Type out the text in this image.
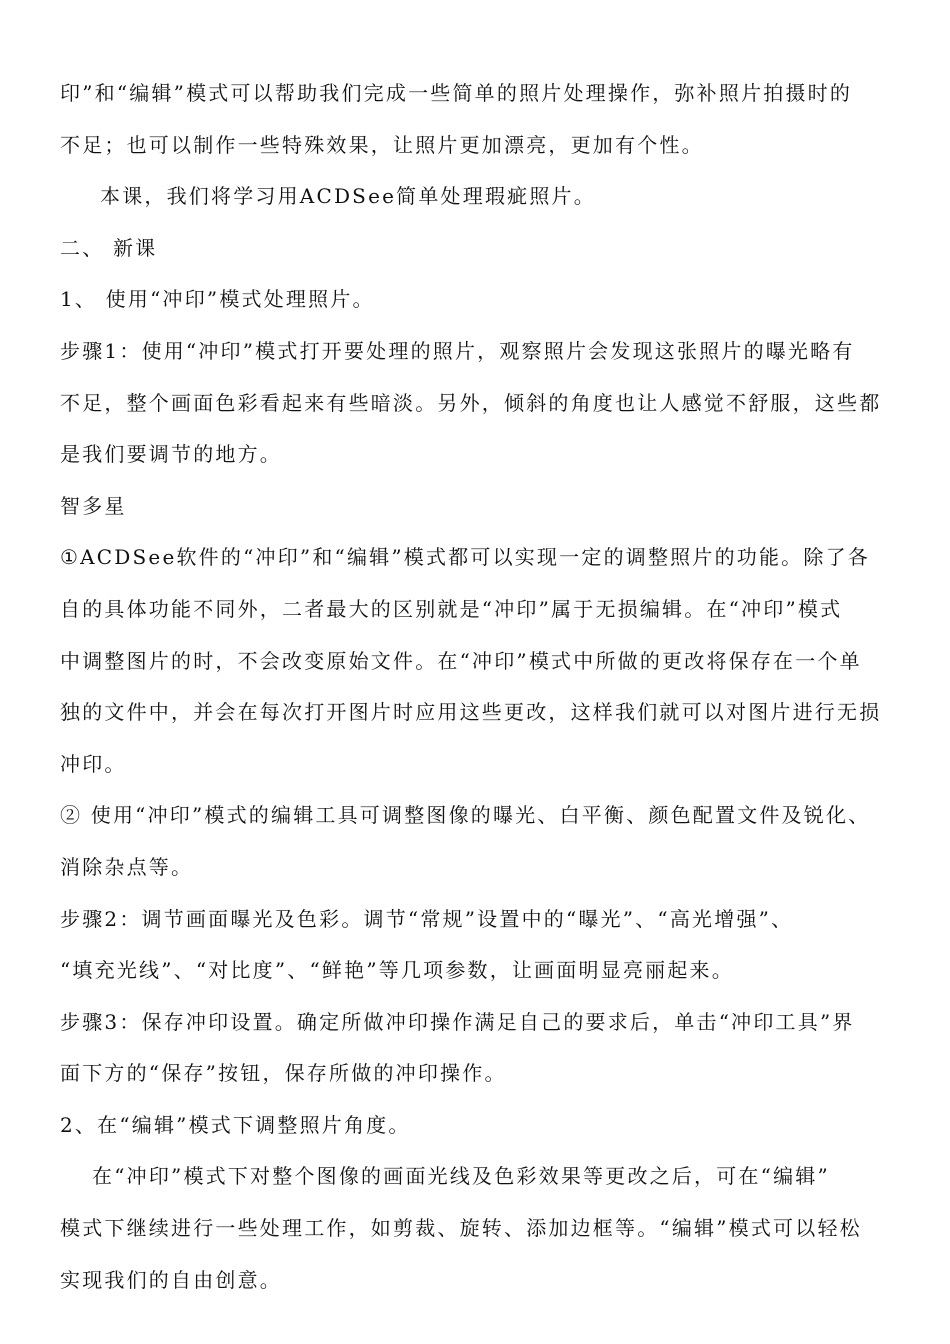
印”和“编辑”模式可以帮助我们完成一些简单的照片处理操作，弥补照片拍摄时的
不足；也可以制作一些特殊效果，让照片更加漂亮，更加有个性。
本课，我们将学习用ACDSee简单处理瑕疵照片。
二、 新课
1、 使用“冲印”模式处理照片。
步骤1：使用“冲印”模式打开要处理的照片，观察照片会发现这张照片的曝光略有
不足，整个画面色彩看起来有些暗淡。另外，倾斜的角度也让人感觉不舒服，这些都
是我们要调节的地方。
智多星
①ACDSee软件的“冲印”和“编辑”模式都可以实现一定的调整照片的功能。除了各
自的具体功能不同外，二者最大的区别就是“冲印”属于无损编辑。在“冲印”模式
中调整图片的时，不会改变原始文件。在“冲印”模式中所做的更改将保存在一个单
独的文件中，并会在每次打开图片时应用这些更改，这样我们就可以对图片进行无损
冲印。
② 使用“冲印”模式的编辑工具可调整图像的曝光、白平衡、颜色配置文件及锐化、
消除杂点等。
步骤2：调节画面曝光及色彩。调节“常规”设置中的“曝光”、“高光增强”、
“填充光线”、“对比度”、“鲜艳”等几项参数，让画面明显亮丽起来。
步骤3：保存冲印设置。确定所做冲印操作满足自己的要求后，单击“冲印工具”界
面下方的“保存”按钮，保存所做的冲印操作。
2、在“编辑”模式下调整照片角度。
在“冲印”模式下对整个图像的画面光线及色彩效果等更改之后，可在“编辑”
模式下继续进行一些处理工作，如剪裁、旋转、添加边框等。“编辑”模式可以轻松
实现我们的自由创意。
